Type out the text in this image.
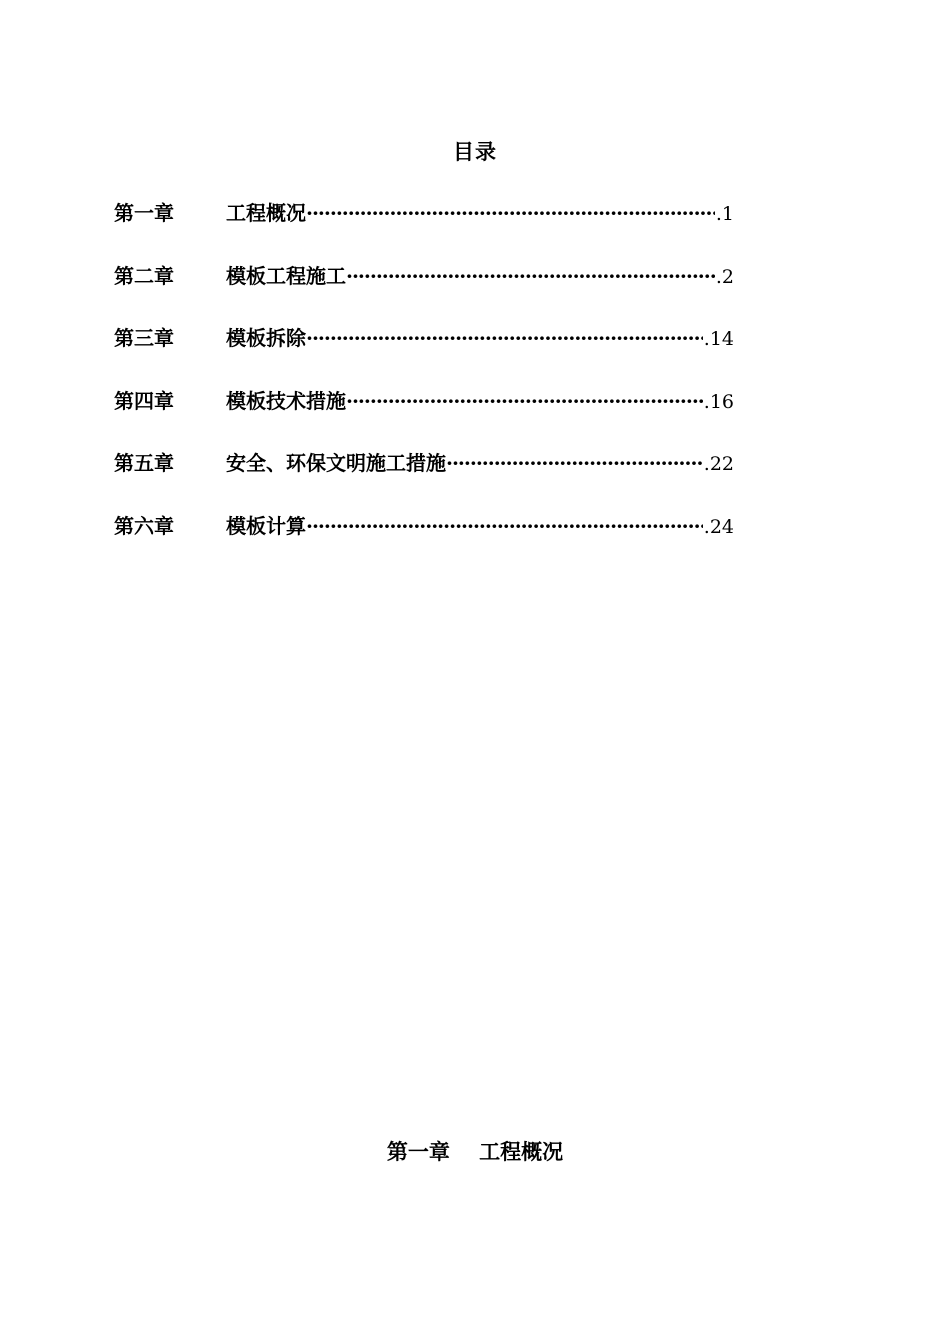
目录
第一章	工程概况 ·····	.1
第二章	模板工程施工 ·····	.2
第三章	模板拆除 ·····	.14
第四章	模板技术措施 ·····	.16
第五章	安全、环保文明施工措施 ·····	.22
第六章	模板计算 ·····	.24
第一章 工程概况
